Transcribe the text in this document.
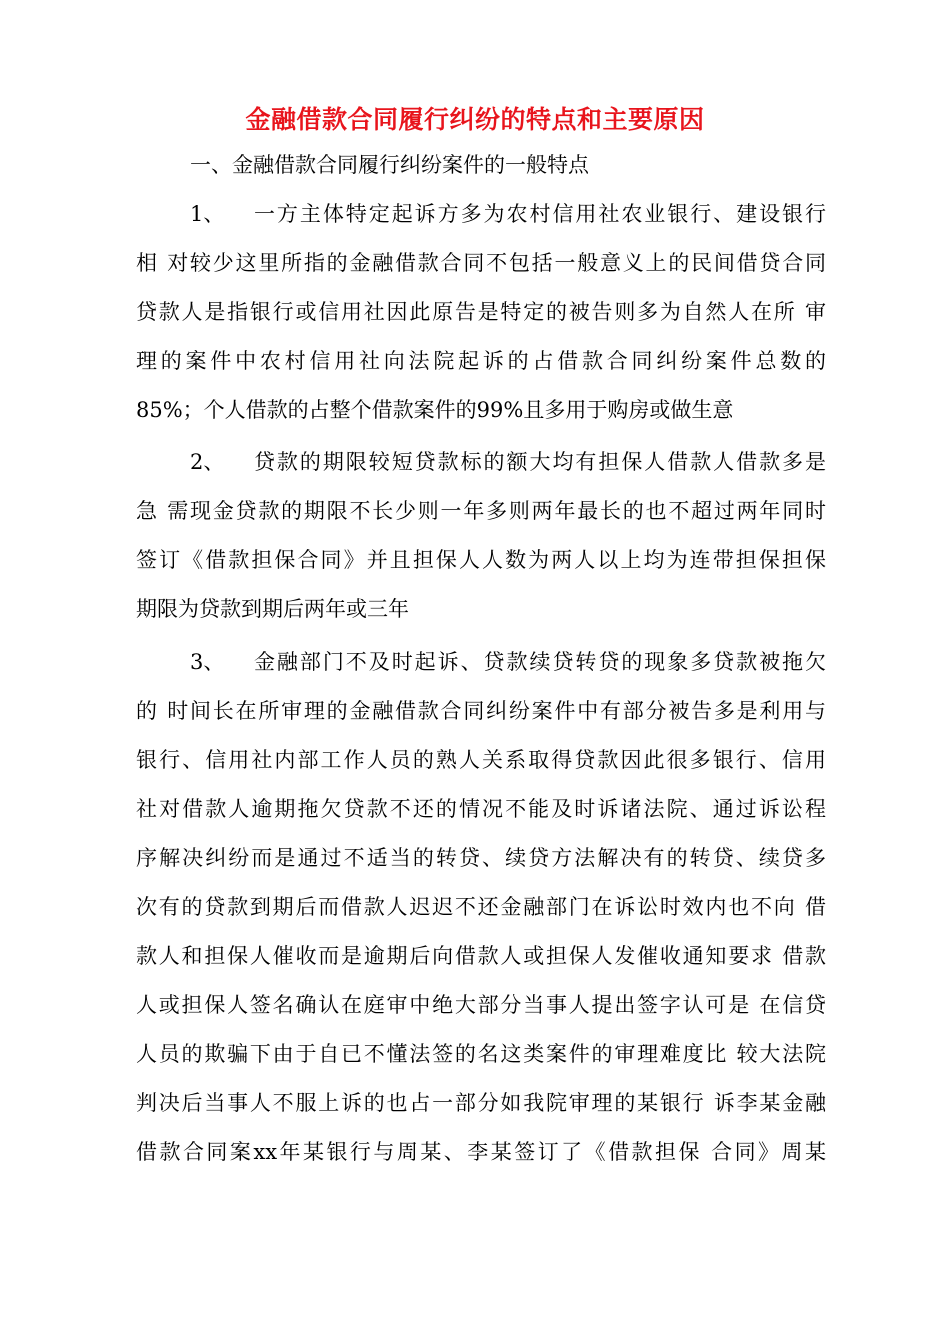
金融借款合同履行纠纷的特点和主要原因
一、金融借款合同履行纠纷案件的一般特点
1、 一方主体特定起诉方多为农村信用社农业银行、建设银行
相 对较少这里所指的金融借款合同不包括一般意义上的民间借贷合同
贷款人是指银行或信用社因此原告是特定的被告则多为自然人在所 审
理的案件中农村信用社向法院起诉的占借款合同纠纷案件总数的
85%；个人借款的占整个借款案件的99%且多用于购房或做生意
2、 贷款的期限较短贷款标的额大均有担保人借款人借款多是
急 需现金贷款的期限不长少则一年多则两年最长的也不超过两年同时
签订《借款担保合同》并且担保人人数为两人以上均为连带担保担保
期限为贷款到期后两年或三年
3、 金融部门不及时起诉、贷款续贷转贷的现象多贷款被拖欠
的 时间长在所审理的金融借款合同纠纷案件中有部分被告多是利用与
银行、信用社内部工作人员的熟人关系取得贷款因此很多银行、信用
社对借款人逾期拖欠贷款不还的情况不能及时诉诸法院、通过诉讼程
序解决纠纷而是通过不适当的转贷、续贷方法解决有的转贷、续贷多
次有的贷款到期后而借款人迟迟不还金融部门在诉讼时效内也不向 借
款人和担保人催收而是逾期后向借款人或担保人发催收通知要求 借款
人或担保人签名确认在庭审中绝大部分当事人提出签字认可是 在信贷
人员的欺骗下由于自已不懂法签的名这类案件的审理难度比 较大法院
判决后当事人不服上诉的也占一部分如我院审理的某银行 诉李某金融
借款合同案xx年某银行与周某、李某签订了《借款担保 合同》周某
